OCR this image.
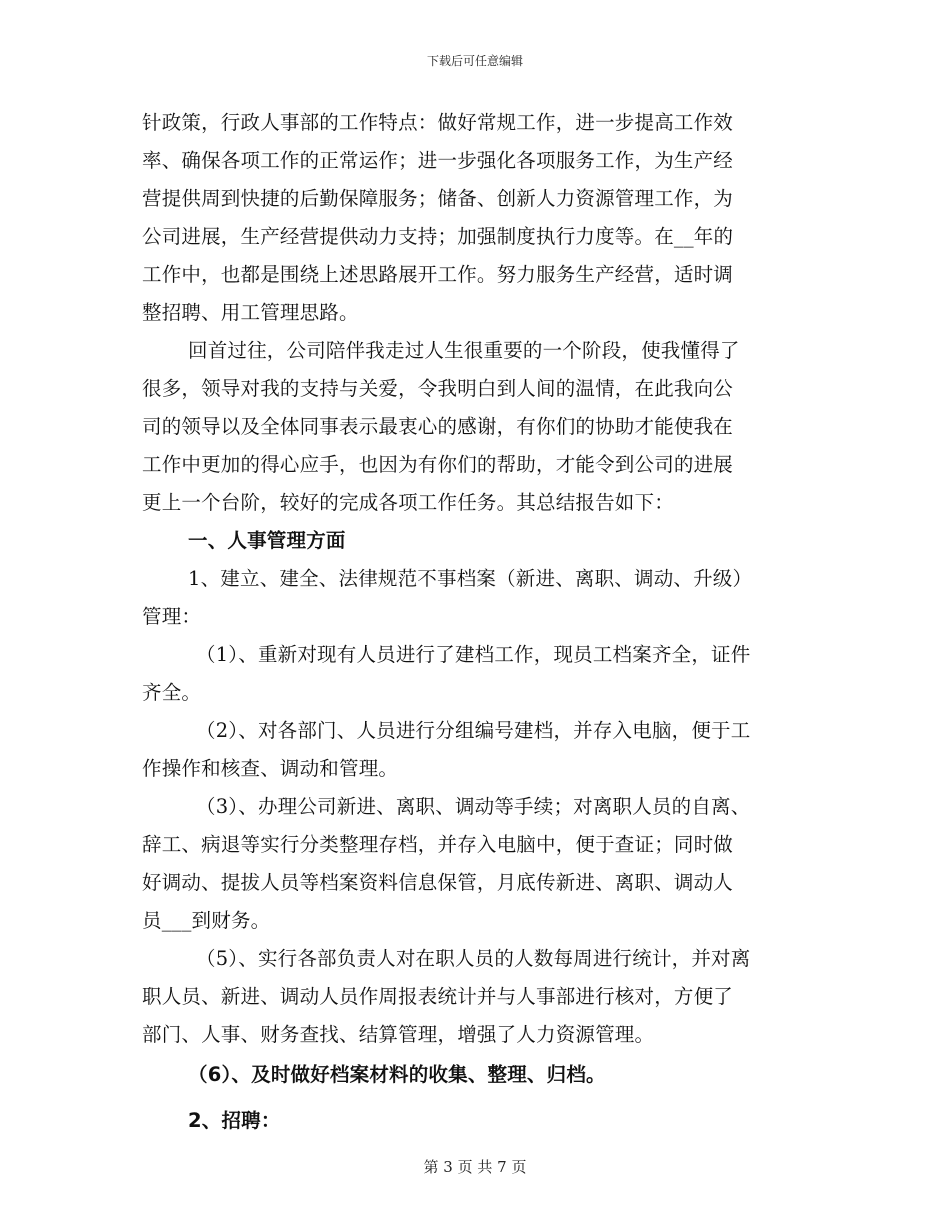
下载后可任意编辑
针政策，行政人事部的工作特点：做好常规工作，进一步提高工作效
率、确保各项工作的正常运作；进一步强化各项服务工作，为生产经
营提供周到快捷的后勤保障服务；储备、创新人力资源管理工作，为
公司进展，生产经营提供动力支持；加强制度执行力度等。在__年的
工作中，也都是围绕上述思路展开工作。努力服务生产经营，适时调
整招聘、用工管理思路。
回首过往，公司陪伴我走过人生很重要的一个阶段，使我懂得了
很多，领导对我的支持与关爱，令我明白到人间的温情，在此我向公
司的领导以及全体同事表示最衷心的感谢，有你们的协助才能使我在
工作中更加的得心应手，也因为有你们的帮助，才能令到公司的进展
更上一个台阶，较好的完成各项工作任务。其总结报告如下：
一、人事管理方面
1、建立、建全、法律规范不事档案（新进、离职、调动、升级）
管理：
（1）、重新对现有人员进行了建档工作，现员工档案齐全，证件
齐全。
（2）、对各部门、人员进行分组编号建档，并存入电脑，便于工
作操作和核查、调动和管理。
（3）、办理公司新进、离职、调动等手续；对离职人员的自离、
辞工、病退等实行分类整理存档，并存入电脑中，便于查证；同时做
好调动、提拔人员等档案资料信息保管，月底传新进、离职、调动人
员___到财务。
（5）、实行各部负责人对在职人员的人数每周进行统计，并对离
职人员、新进、调动人员作周报表统计并与人事部进行核对，方便了
部门、人事、财务查找、结算管理，增强了人力资源管理。
（6）、及时做好档案材料的收集、整理、归档。
2、招聘：
第 3 页 共 7 页
